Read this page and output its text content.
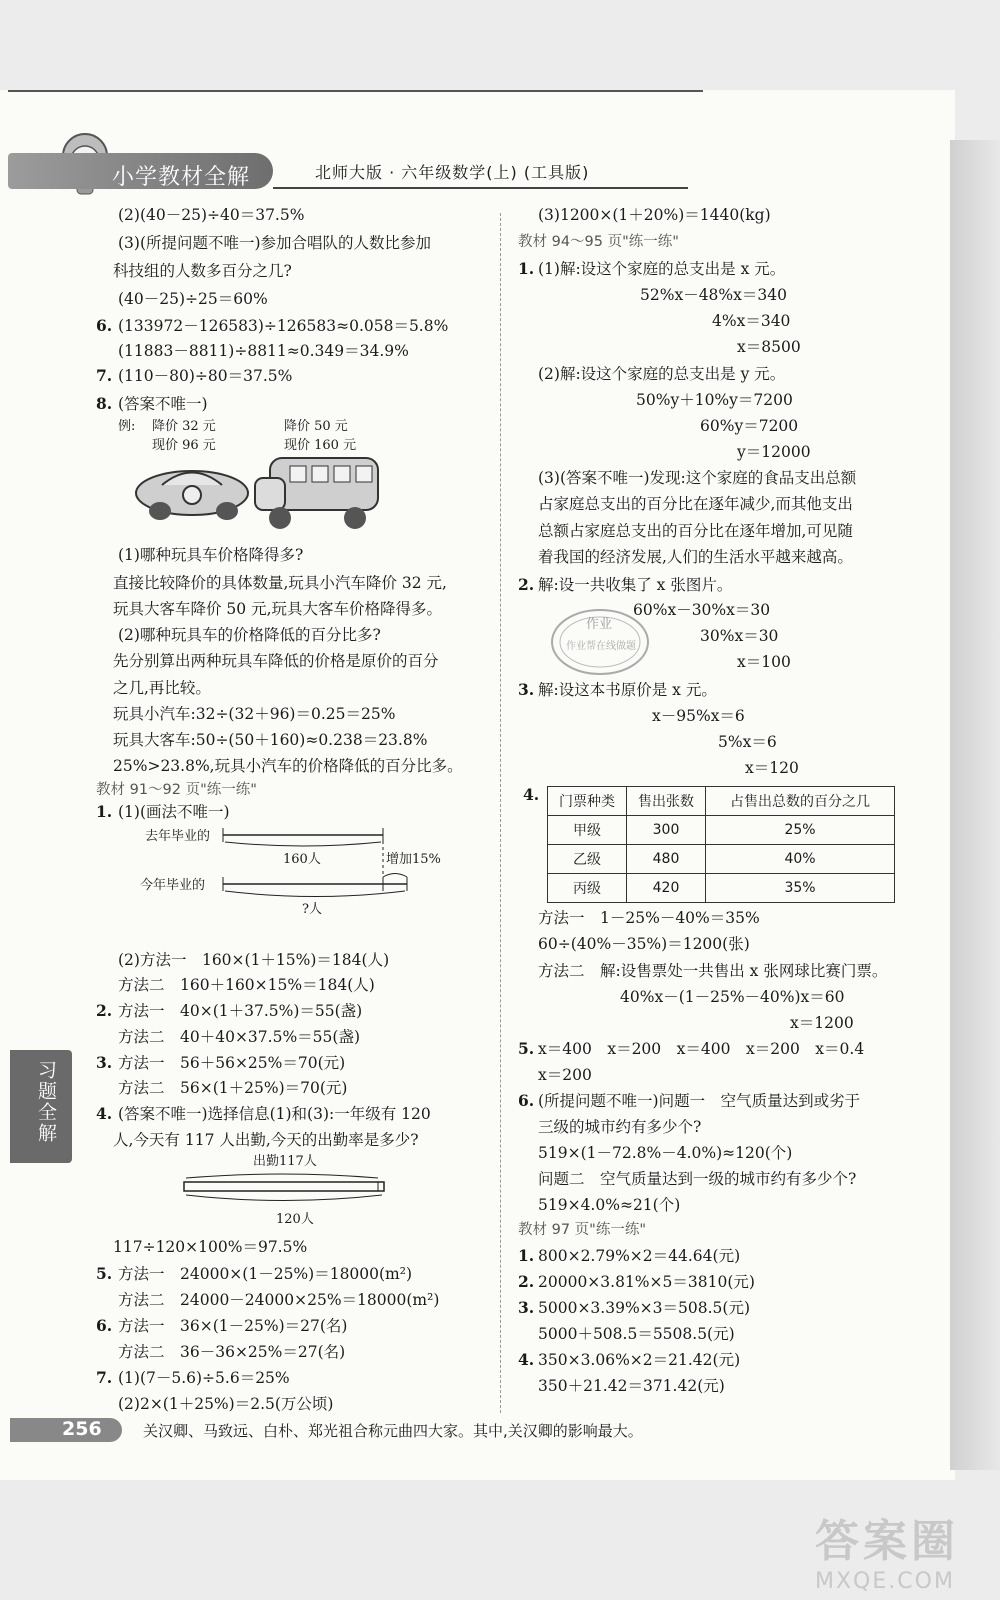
小学教材全解	北师大版 · 六年级数学(上) (工具版)
(2)(40－25)÷40＝37.5%
(3)(所提问题不唯一)参加合唱队的人数比参加
科技组的人数多百分之几?
(40－25)÷25＝60%
6. (133972－126583)÷126583≈0.058＝5.8%
(11883－8811)÷8811≈0.349＝34.9%
7. (110－80)÷80＝37.5%
8. (答案不唯一)
例: 降价 32 元
现价 96 元
降价 50 元
现价 160 元
(1)哪种玩具车价格降得多?
直接比较降价的具体数量,玩具小汽车降价 32 元,
玩具大客车降价 50 元,玩具大客车价格降得多。
(2)哪种玩具车的价格降低的百分比多?
先分别算出两种玩具车降低的价格是原价的百分
之几,再比较。
玩具小汽车:32÷(32＋96)＝0.25＝25%
玩具大客车:50÷(50＋160)≈0.238＝23.8%
25%>23.8%,玩具小汽车的价格降低的百分比多。
教材 91～92 页"练一练"
1. (1)(画法不唯一)
去年毕业的
160人	增加15%
今年毕业的
?人
(2)方法一　160×(1＋15%)＝184(人)
方法二　160＋160×15%＝184(人)
2. 方法一　40×(1＋37.5%)＝55(盏)
方法二　40＋40×37.5%＝55(盏)
3. 方法一　56＋56×25%＝70(元)
方法二　56×(1＋25%)＝70(元)
4. (答案不唯一)选择信息(1)和(3):一年级有 120
人,今天有 117 人出勤,今天的出勤率是多少?
出勤117人
120人
117÷120×100%＝97.5%
5. 方法一　24000×(1－25%)＝18000(m²)
方法二　24000－24000×25%＝18000(m²)
6. 方法一　36×(1－25%)＝27(名)
方法二　36－36×25%＝27(名)
7. (1)(7－5.6)÷5.6＝25%
(2)2×(1＋25%)＝2.5(万公顷)
(3)1200×(1＋20%)＝1440(kg)
教材 94～95 页"练一练"
1. (1)解:设这个家庭的总支出是 x 元。
52%x－48%x＝340
4%x＝340
x＝8500
(2)解:设这个家庭的总支出是 y 元。
50%y＋10%y＝7200
60%y＝7200
y＝12000
(3)(答案不唯一)发现:这个家庭的食品支出总额
占家庭总支出的百分比在逐年减少,而其他支出
总额占家庭总支出的百分比在逐年增加,可见随
着我国的经济发展,人们的生活水平越来越高。
2. 解:设一共收集了 x 张图片。
60%x－30%x＝30
30%x＝30
x＝100
作业
作业帮在线做题
3. 解:设这本书原价是 x 元。
x－95%x＝6
5%x＝6
x＝120
4. 门票种类	售出张数	占售出总数的百分之几
甲级	300	25%
乙级	480	40%
丙级	420	35%
方法一　1－25%－40%＝35%
60÷(40%－35%)＝1200(张)
方法二　解:设售票处一共售出 x 张网球比赛门票。
40%x－(1－25%－40%)x＝60
x＝1200
5. x＝400　x＝200　x＝400　x＝200　x＝0.4
x＝200
6. (所提问题不唯一)问题一　空气质量达到或劣于
三级的城市约有多少个?
519×(1－72.8%－4.0%)≈120(个)
问题二　空气质量达到一级的城市约有多少个?
519×4.0%≈21(个)
教材 97 页"练一练"
1. 800×2.79%×2＝44.64(元)
2. 20000×3.81%×5＝3810(元)
3. 5000×3.39%×3＝508.5(元)
5000＋508.5＝5508.5(元)
4. 350×3.06%×2＝21.42(元)
350＋21.42＝371.42(元)
习题全解
256	关汉卿、马致远、白朴、郑光祖合称元曲四大家。其中,关汉卿的影响最大。
答案圈
MXQE.COM
